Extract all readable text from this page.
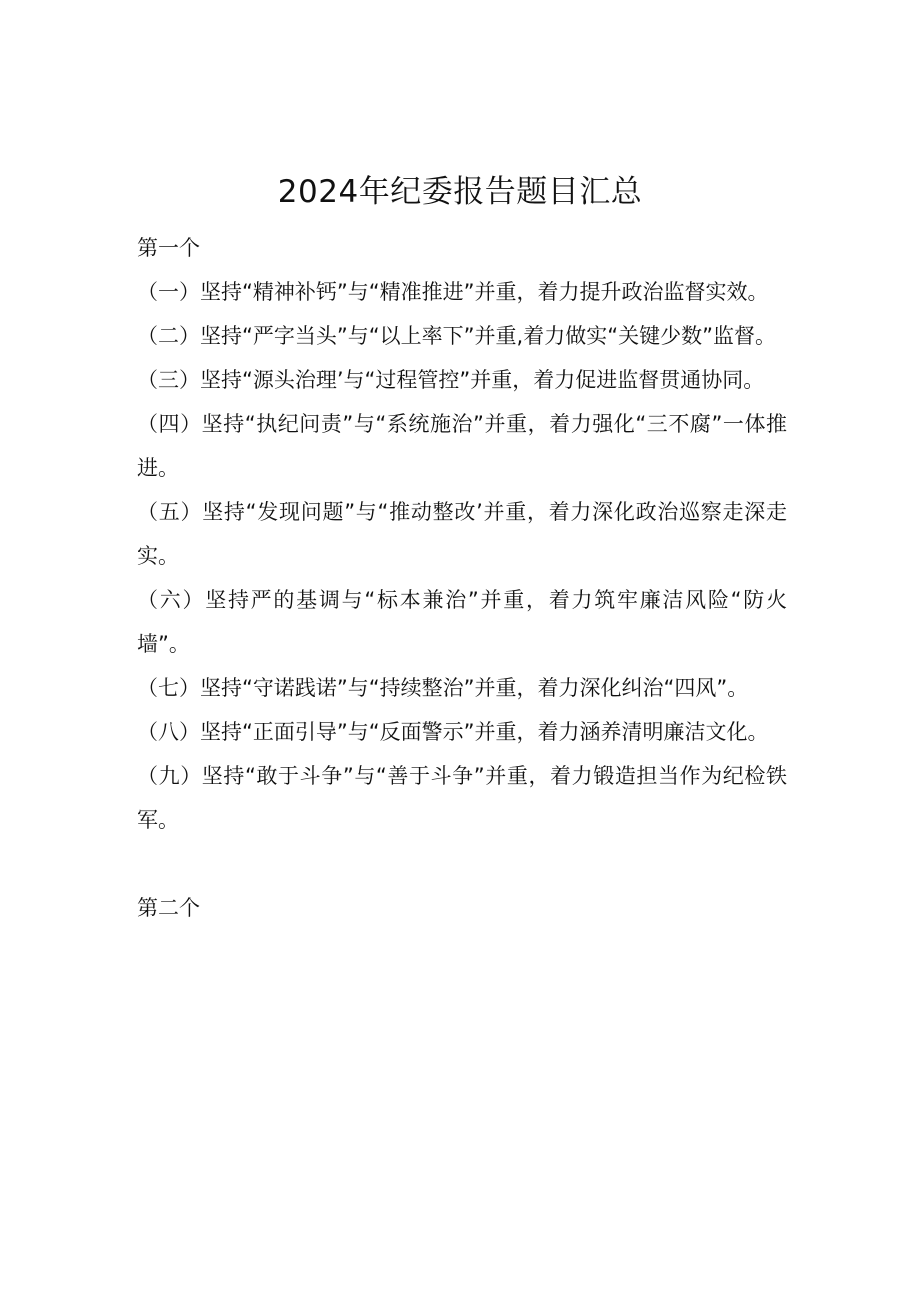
2024年纪委报告题目汇总

第一个

（一）坚持“精神补钙”与“精准推进”并重，着力提升政治监督实效。

（二）坚持“严字当头”与“以上率下”并重,着力做实“关键少数”监督。

（三）坚持“源头治理’与“过程管控”并重，着力促进监督贯通协同。

（四）坚持“执纪问责”与“系统施治”并重，着力强化“三不腐”一体推进。

（五）坚持“发现问题”与“推动整改’并重，着力深化政治巡察走深走实。

（六）坚持严的基调与“标本兼治”并重，着力筑牢廉洁风险“防火墙”。

（七）坚持“守诺践诺”与“持续整治”并重，着力深化纠治“四风”。

（八）坚持“正面引导”与“反面警示”并重，着力涵养清明廉洁文化。

（九）坚持“敢于斗争”与“善于斗争”并重，着力锻造担当作为纪检铁军。

第二个
